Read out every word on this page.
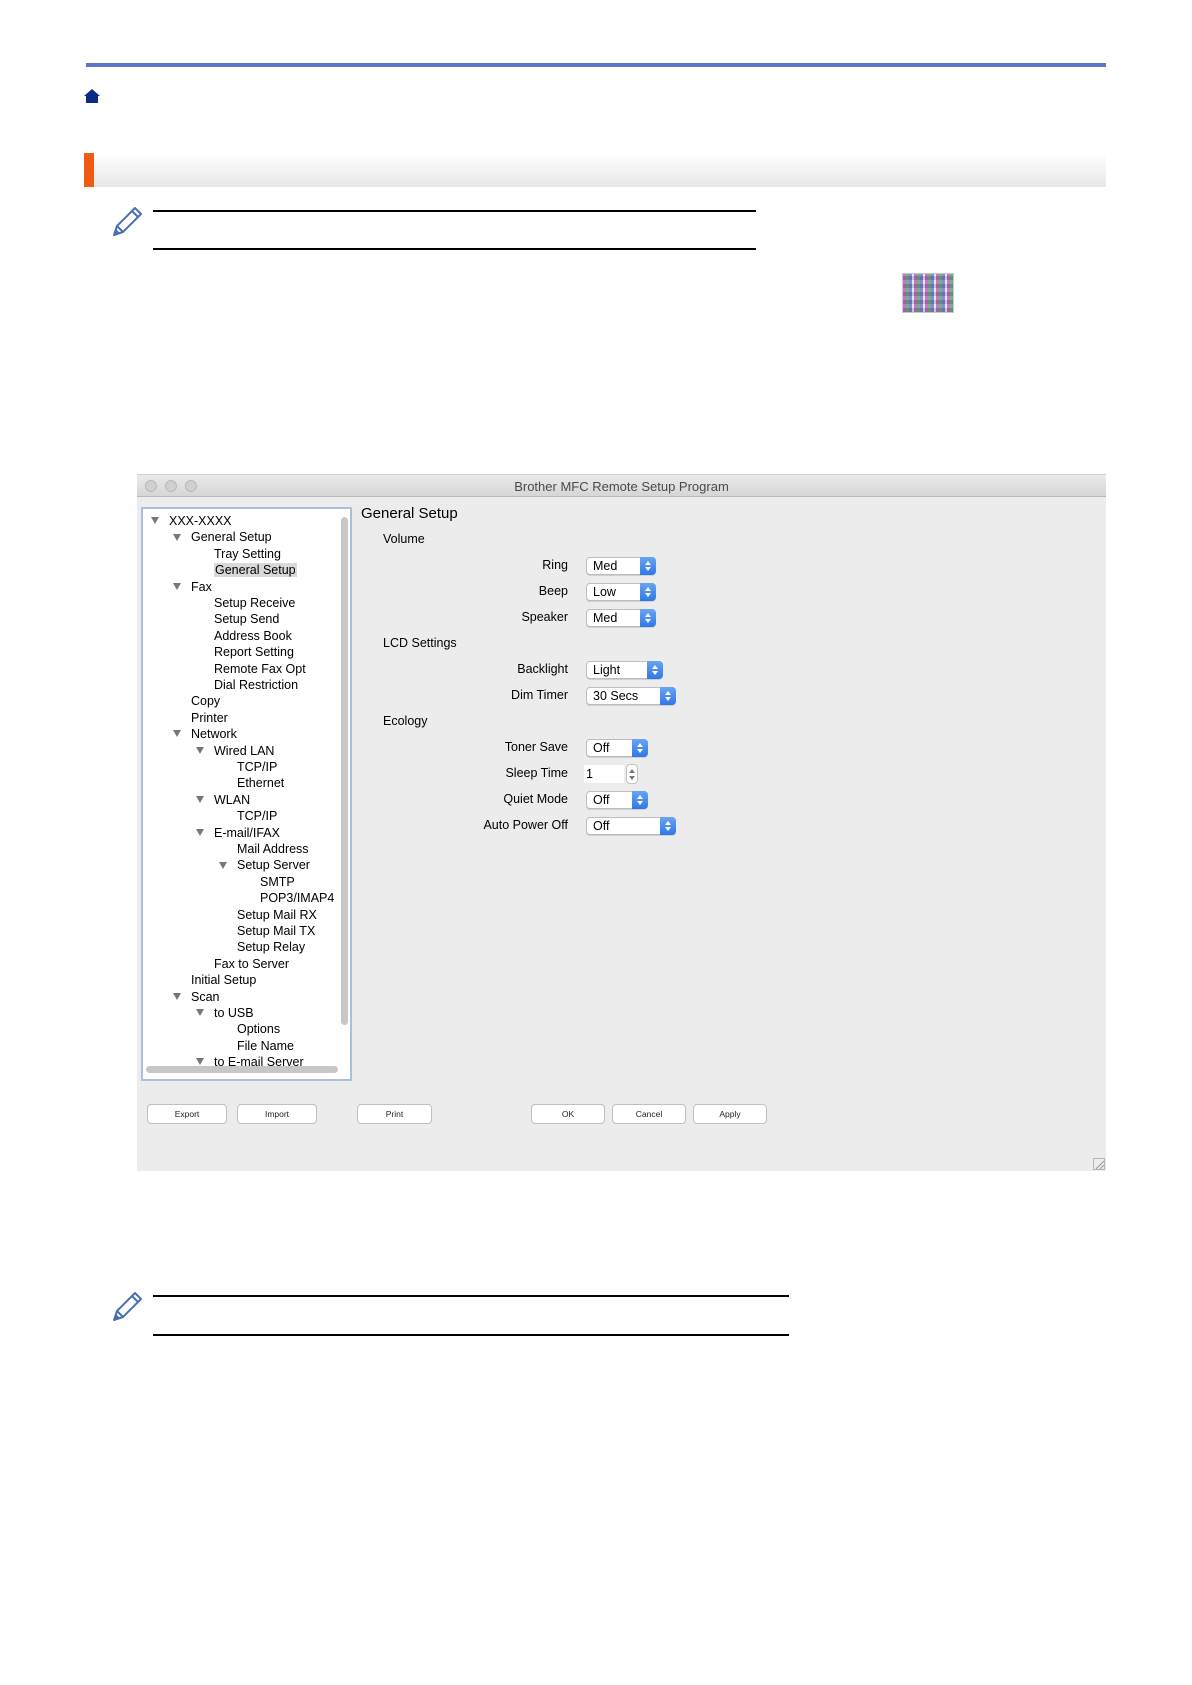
Brother MFC Remote Setup Program
XXX-XXXX
General Setup
Tray Setting
General Setup
Fax
Setup Receive
Setup Send
Address Book
Report Setting
Remote Fax Opt
Dial Restriction
Copy
Printer
Network
Wired LAN
TCP/IP
Ethernet
WLAN
TCP/IP
E-mail/IFAX
Mail Address
Setup Server
SMTP
POP3/IMAP4
Setup Mail RX
Setup Mail TX
Setup Relay
Fax to Server
Initial Setup
Scan
to USB
Options
File Name
to E-mail Server
General Setup
Volume
Ring	Med
Beep	Low
Speaker	Med
LCD Settings
Backlight	Light
Dim Timer	30 Secs
Ecology
Toner Save	Off
Sleep Time 1
Quiet Mode	Off
Auto Power Off	Off
Export	Import	Print	OK	Cancel	Apply
